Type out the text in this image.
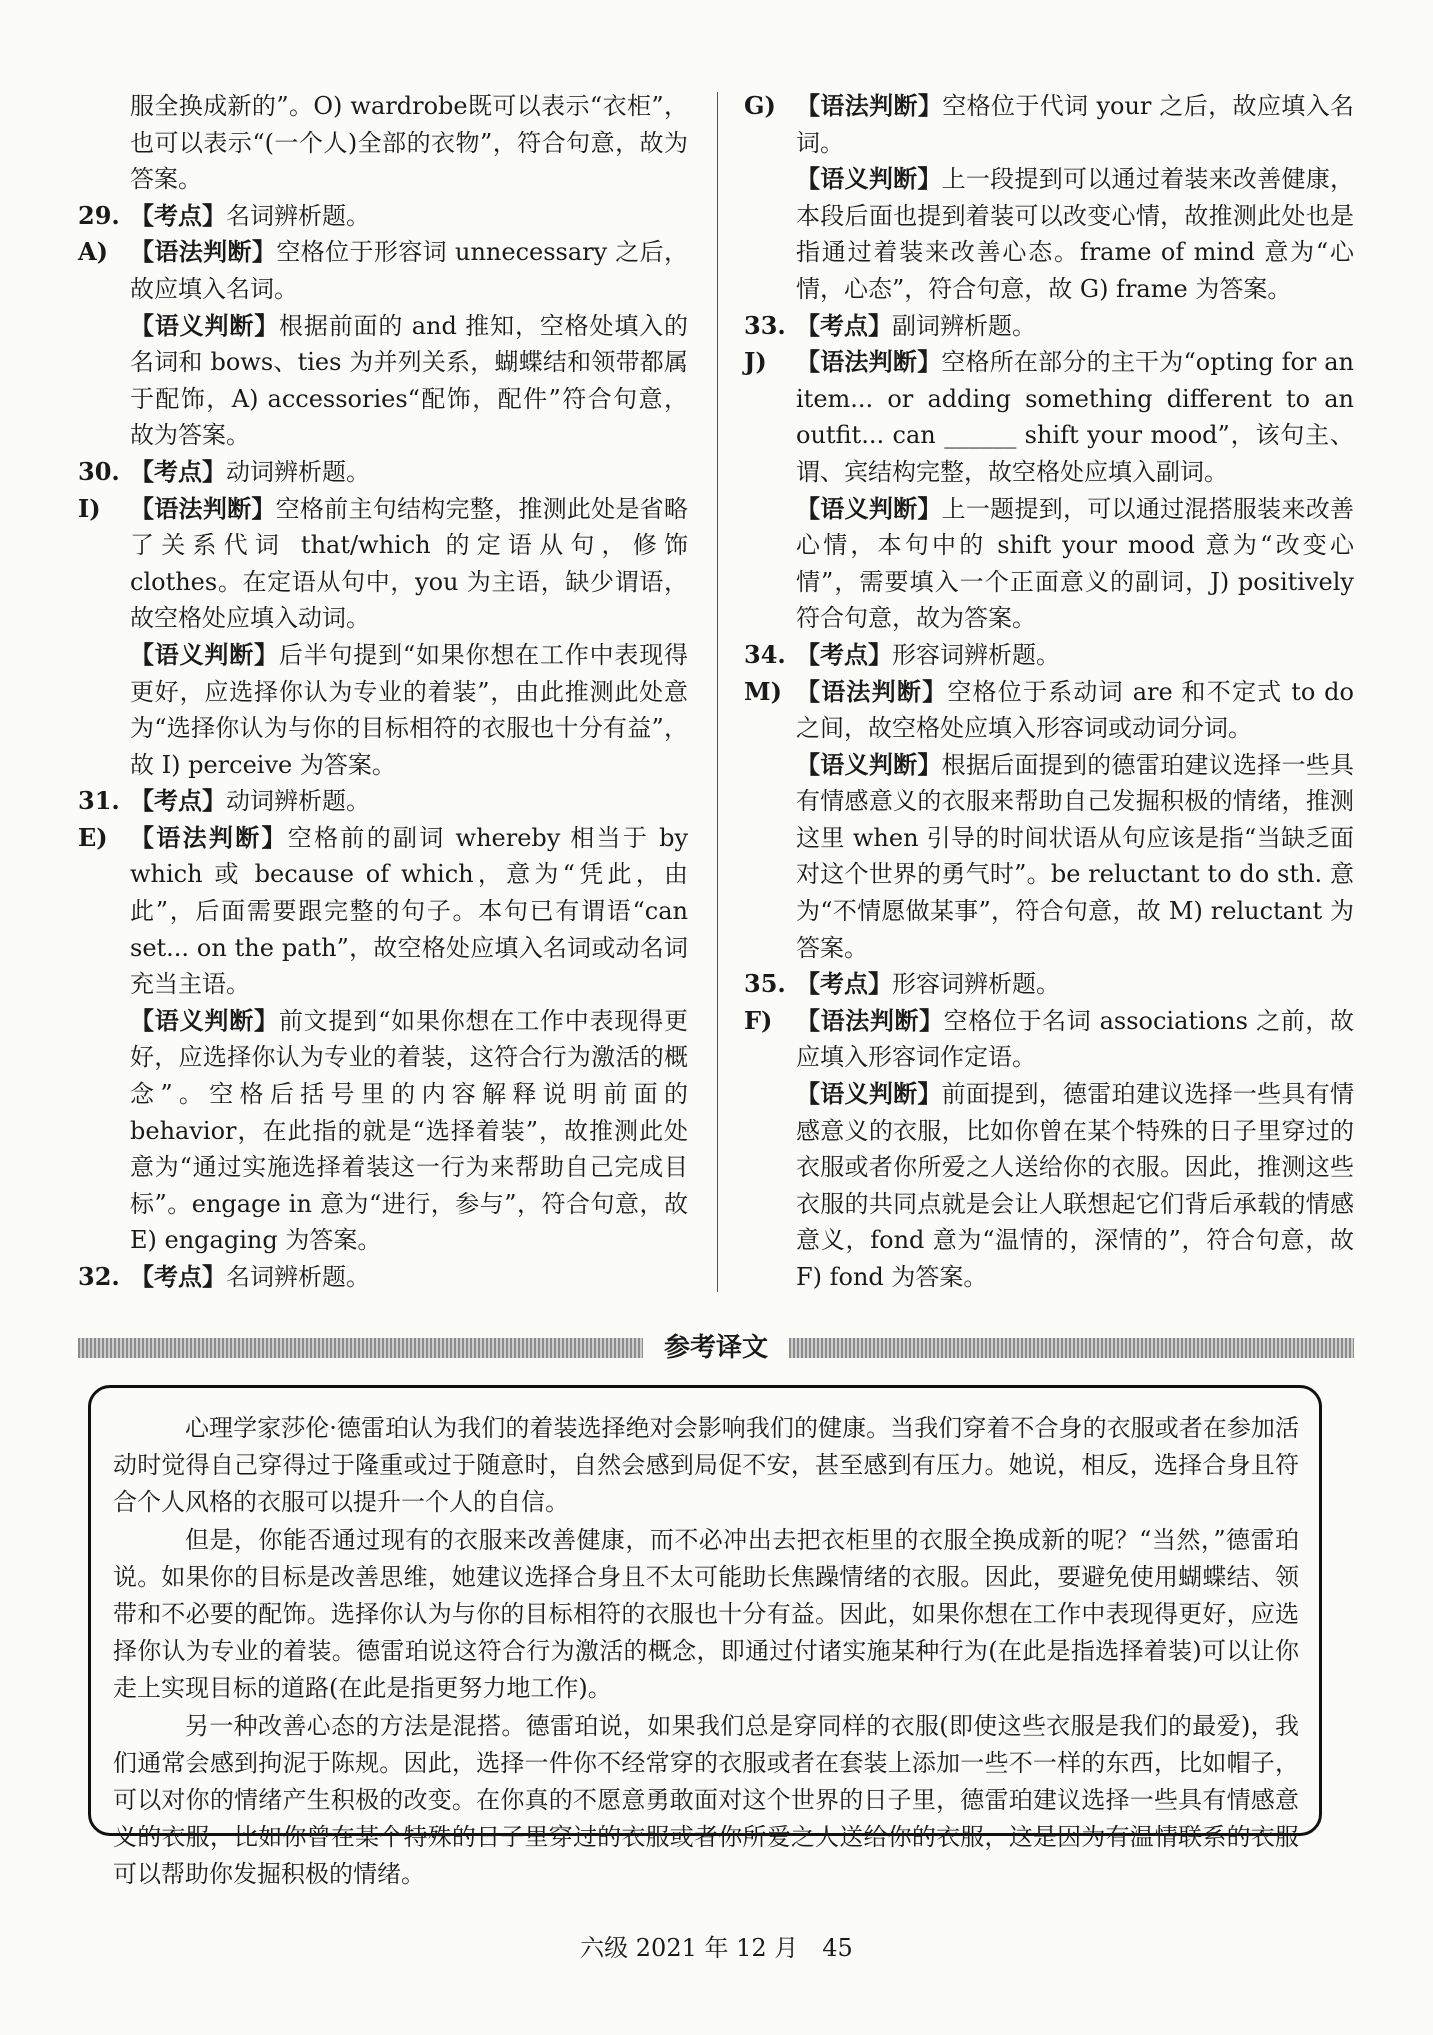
服全换成新的”。O) wardrobe既可以表示“衣柜”，也可以表示“(一个人)全部的衣物”，符合句意，故为答案。

29. 【考点】名词辨析题。
A) 【语法判断】空格位于形容词 unnecessary 之后，故应填入名词。

【语义判断】根据前面的 and 推知，空格处填入的名词和 bows、ties 为并列关系，蝴蝶结和领带都属于配饰，A) accessories“配饰，配件”符合句意，故为答案。

30. 【考点】动词辨析题。
I)	【语法判断】空格前主句结构完整，推测此处是省略了关系代词 that/which 的定语从句，修饰 clothes。在定语从句中，you 为主语，缺少谓语，故空格处应填入动词。

【语义判断】后半句提到“如果你想在工作中表现得更好，应选择你认为专业的着装”，由此推测此处意为“选择你认为与你的目标相符的衣服也十分有益”，故 I) perceive 为答案。

31. 【考点】动词辨析题。
E) 【语法判断】空格前的副词 whereby 相当于 by which 或 because of which，意为“凭此，由此”，后面需要跟完整的句子。本句已有谓语“can set... on the path”，故空格处应填入名词或动名词充当主语。

【语义判断】前文提到“如果你想在工作中表现得更好，应选择你认为专业的着装，这符合行为激活的概念”。空格后括号里的内容解释说明前面的 behavior，在此指的就是“选择着装”，故推测此处意为“通过实施选择着装这一行为来帮助自己完成目标”。engage in 意为“进行，参与”，符合句意，故 E) engaging 为答案。

32. 【考点】名词辨析题。
G) 【语法判断】空格位于代词 your 之后，故应填入名词。

【语义判断】上一段提到可以通过着装来改善健康，本段后面也提到着装可以改变心情，故推测此处也是指通过着装来改善心态。frame of mind 意为“心情，心态”，符合句意，故 G) frame 为答案。

33. 【考点】副词辨析题。
J)	【语法判断】空格所在部分的主干为“opting for an item... or adding something different to an outfit... can ______ shift your mood”，该句主、谓、宾结构完整，故空格处应填入副词。

【语义判断】上一题提到，可以通过混搭服装来改善心情，本句中的 shift your mood 意为“改变心情”，需要填入一个正面意义的副词，J) positively 符合句意，故为答案。

34. 【考点】形容词辨析题。
M) 【语法判断】空格位于系动词 are 和不定式 to do 之间，故空格处应填入形容词或动词分词。

【语义判断】根据后面提到的德雷珀建议选择一些具有情感意义的衣服来帮助自己发掘积极的情绪，推测这里 when 引导的时间状语从句应该是指“当缺乏面对这个世界的勇气时”。be reluctant to do sth. 意为“不情愿做某事”，符合句意，故 M) reluctant 为答案。

35. 【考点】形容词辨析题。
F) 【语法判断】空格位于名词 associations 之前，故应填入形容词作定语。

【语义判断】前面提到，德雷珀建议选择一些具有情感意义的衣服，比如你曾在某个特殊的日子里穿过的衣服或者你所爱之人送给你的衣服。因此，推测这些衣服的共同点就是会让人联想起它们背后承载的情感意义，fond 意为“温情的，深情的”，符合句意，故 F) fond 为答案。

参考译文

心理学家莎伦·德雷珀认为我们的着装选择绝对会影响我们的健康。当我们穿着不合身的衣服或者在参加活动时觉得自己穿得过于隆重或过于随意时，自然会感到局促不安，甚至感到有压力。她说，相反，选择合身且符合个人风格的衣服可以提升一个人的自信。

但是，你能否通过现有的衣服来改善健康，而不必冲出去把衣柜里的衣服全换成新的呢？“当然，”德雷珀说。如果你的目标是改善思维，她建议选择合身且不太可能助长焦躁情绪的衣服。因此，要避免使用蝴蝶结、领带和不必要的配饰。选择你认为与你的目标相符的衣服也十分有益。因此，如果你想在工作中表现得更好，应选择你认为专业的着装。德雷珀说这符合行为激活的概念，即通过付诸实施某种行为(在此是指选择着装)可以让你走上实现目标的道路(在此是指更努力地工作)。

另一种改善心态的方法是混搭。德雷珀说，如果我们总是穿同样的衣服(即使这些衣服是我们的最爱)，我们通常会感到拘泥于陈规。因此，选择一件你不经常穿的衣服或者在套装上添加一些不一样的东西，比如帽子，可以对你的情绪产生积极的改变。在你真的不愿意勇敢面对这个世界的日子里，德雷珀建议选择一些具有情感意义的衣服，比如你曾在某个特殊的日子里穿过的衣服或者你所爱之人送给你的衣服，这是因为有温情联系的衣服可以帮助你发掘积极的情绪。

六级 2021 年 12 月　45
